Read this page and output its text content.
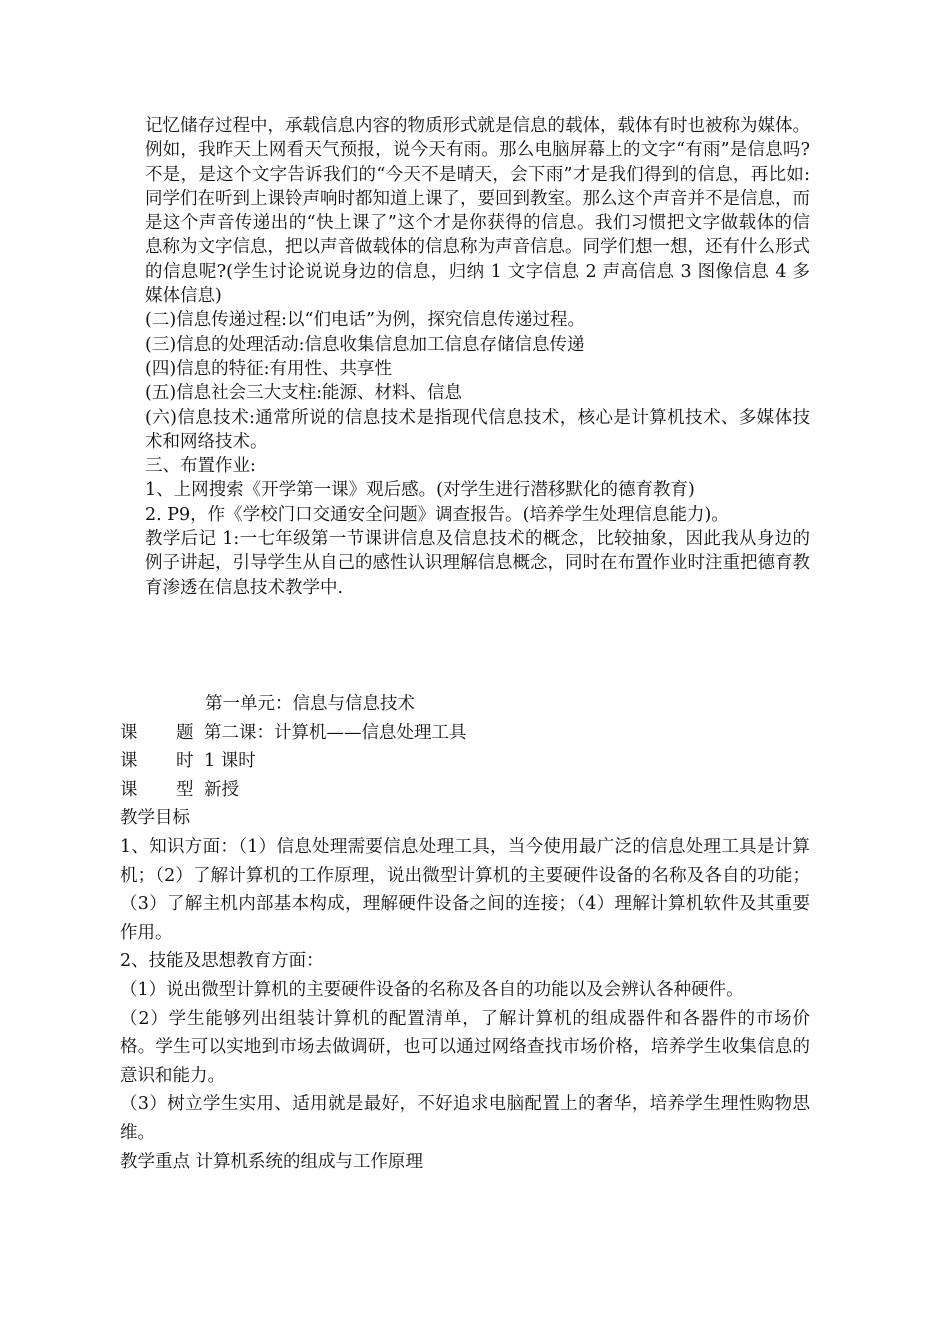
记忆储存过程中，承载信息内容的物质形式就是信息的载体，载体有时也被称为媒体。例如，我昨天上网看天气预报，说今天有雨。那么电脑屏幕上的文字“有雨”是信息吗?不是，是这个文字告诉我们的“今天不是晴天，会下雨”才是我们得到的信息，再比如:同学们在听到上课铃声响时都知道上课了，要回到教室。那么这个声音并不是信息，而是这个声音传递出的“快上课了”这个才是你获得的信息。我们习惯把文字做载体的信息称为文字信息，把以声音做载体的信息称为声音信息。同学们想一想，还有什么形式的信息呢?(学生讨论说说身边的信息，归纳 1 文字信息 2 声高信息 3 图像信息 4 多媒体信息)

(二)信息传递过程:以“们电话”为例，探究信息传递过程。

(三)信息的处理活动:信息收集信息加工信息存储信息传递

(四)信息的特征:有用性、共享性

(五)信息社会三大支柱:能源、材料、信息

(六)信息技术:通常所说的信息技术是指现代信息技术，核心是计算机技术、多媒体技术和网络技术。

三、布置作业:

1、上网搜索《开学第一课》观后感。(对学生进行潜移默化的德育教育)

2. P9，作《学校门口交通安全问题》调查报告。(培养学生处理信息能力)。

教学后记 1:一七年级第一节课讲信息及信息技术的概念，比较抽象，因此我从身边的例子讲起，引导学生从自己的感性认识理解信息概念，同时在布置作业时注重把德育教育渗透在信息技术教学中.

第一单元：信息与信息技术

课	题 第二课：计算机——信息处理工具
课	时 1 课时
课	型 新授

教学目标

1、知识方面：（1）信息处理需要信息处理工具，当今使用最广泛的信息处理工具是计算机；（2）了解计算机的工作原理，说出微型计算机的主要硬件设备的名称及各自的功能；（3）了解主机内部基本构成，理解硬件设备之间的连接；（4）理解计算机软件及其重要作用。

2、技能及思想教育方面：

（1）说出微型计算机的主要硬件设备的名称及各自的功能以及会辨认各种硬件。

（2）学生能够列出组装计算机的配置清单，了解计算机的组成器件和各器件的市场价格。学生可以实地到市场去做调研，也可以通过网络查找市场价格，培养学生收集信息的意识和能力。

（3）树立学生实用、适用就是最好，不好追求电脑配置上的奢华，培养学生理性购物思维。

教学重点 计算机系统的组成与工作原理
